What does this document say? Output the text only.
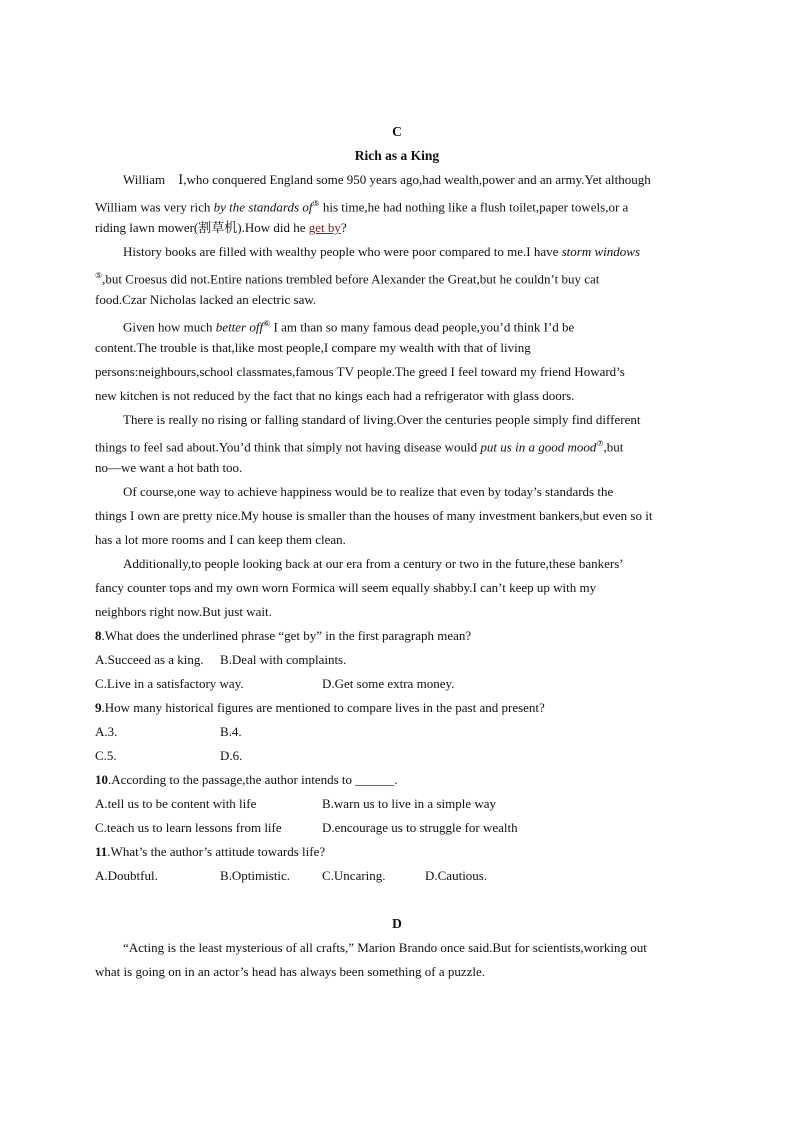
C
Rich as a King
William　Ⅰ,who conquered England some 950 years ago,had wealth,power and an army.Yet although
William was very rich by the standards of⑤ his time,he had nothing like a flush toilet,paper towels,or a
riding lawn mower(割草机).How did he get by?
History books are filled with wealthy people who were poor compared to me.I have storm windows
⑤,but Croesus did not.Entire nations trembled before Alexander the Great,but he couldn’t buy cat
food.Czar Nicholas lacked an electric saw.
Given how much better off⑥ I am than so many famous dead people,you’d think I’d be
content.The trouble is that,like most people,I compare my wealth with that of living
persons:neighbours,school classmates,famous TV people.The greed I feel toward my friend Howard’s
new kitchen is not reduced by the fact that no kings each had a refrigerator with glass doors.
There is really no rising or falling standard of living.Over the centuries people simply find different
things to feel sad about.You’d think that simply not having disease would put us in a good mood⑦,but
no—we want a hot bath too.
Of course,one way to achieve happiness would be to realize that even by today’s standards the
things I own are pretty nice.My house is smaller than the houses of many investment bankers,but even so it
has a lot more rooms and I can keep them clean.
Additionally,to people looking back at our era from a century or two in the future,these bankers’
fancy counter tops and my own worn Formica will seem equally shabby.I can’t keep up with my
neighbors right now.But just wait.
8.What does the underlined phrase “get by” in the first paragraph mean?
A.Succeed as a king. B.Deal with complaints.
C.Live in a satisfactory way.	D.Get some extra money.
9.How many historical figures are mentioned to compare lives in the past and present?
A.3.	B.4.
C.5.	D.6.
10.According to the passage,the author intends to ______.
A.tell us to be content with life	B.warn us to live in a simple way
C.teach us to learn lessons from life	D.encourage us to struggle for wealth
11.What’s the author’s attitude towards life?
A.Doubtful.	B.Optimistic. C.Uncaring.	D.Cautious.
D
“Acting is the least mysterious of all crafts,” Marion Brando once said.But for scientists,working out
what is going on in an actor’s head has always been something of a puzzle.
